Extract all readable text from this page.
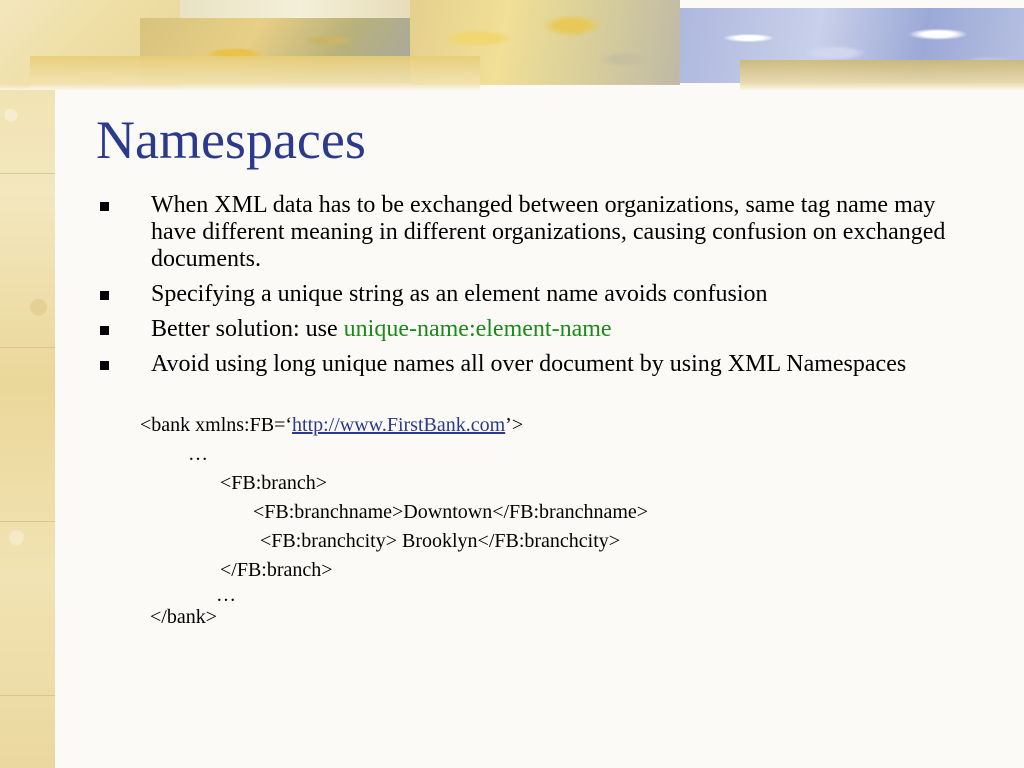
Namespaces
When XML data has to be exchanged between organizations, same tag name may have different meaning in different organizations, causing confusion on exchanged documents.
Specifying a unique string as an element name avoids confusion
Better solution: use unique-name:element-name
Avoid using long unique names all over document by using XML Namespaces
<bank xmlns:FB=‘http://www.FirstBank.com’>
…
<FB:branch>
<FB:branchname>Downtown</FB:branchname>
<FB:branchcity> Brooklyn</FB:branchcity>
</FB:branch>
…
</bank>
